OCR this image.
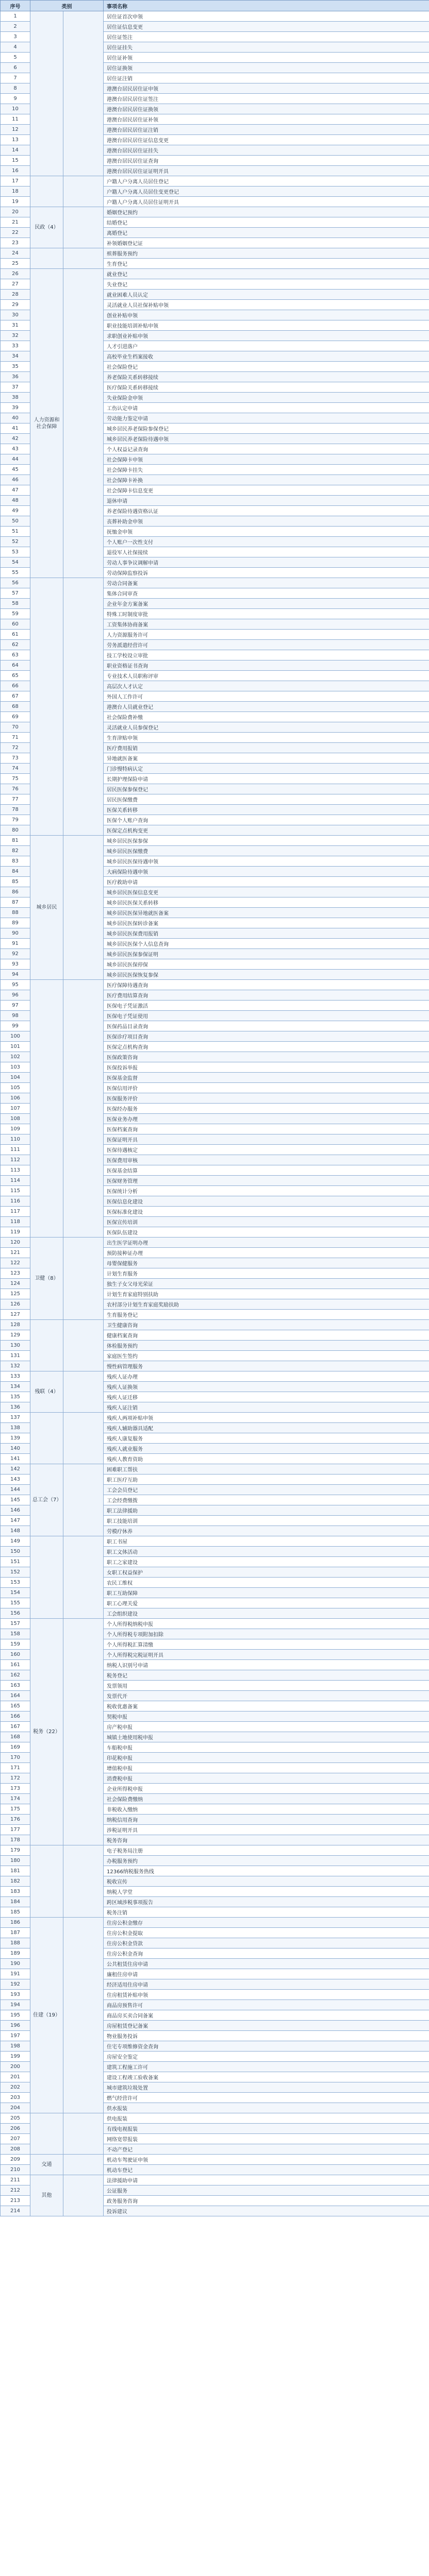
序号	类别		事项名称
1			居住证首次申领
2			居住证信息变更
3			居住证签注
4			居住证挂失
5			居住证补领
6			居住证换领
7			居住证注销
8			港澳台居民居住证申领
9			港澳台居民居住证签注
10			港澳台居民居住证换领
11			港澳台居民居住证补领
12			港澳台居民居住证注销
13			港澳台居民居住证信息变更
14			港澳台居民居住证挂失
15			港澳台居民居住证查询
16			港澳台居民居住证证明开具
17			户籍人户分离人员居住登记
18			户籍人户分离人员居住变更登记
19			户籍人户分离人员居住证明开具
20	民政（4）		婚姻登记预约
21			结婚登记
22			离婚登记
23			补领婚姻登记证
24			殡葬服务预约
25			生育登记
26	人力资源和社会保障		就业登记
27			失业登记
28			就业困难人员认定
29			灵活就业人员社保补贴申领
30			创业补贴申领
31			职业技能培训补贴申领
32			求职创业补贴申领
33			人才引进落户
34			高校毕业生档案接收
35			社会保险登记
36			养老保险关系转移接续
37			医疗保险关系转移接续
38			失业保险金申领
39			工伤认定申请
40			劳动能力鉴定申请
41			城乡居民养老保险参保登记
42			城乡居民养老保险待遇申领
43			个人权益记录查询
44			社会保障卡申领
45			社会保障卡挂失
46			社会保障卡补换
47			社会保障卡信息变更
48			退休申请
49			养老保险待遇资格认证
50			丧葬补助金申领
51			抚恤金申领
52			个人账户一次性支付
53			退役军人社保接续
54			劳动人事争议调解申请
55			劳动保障监察投诉
56			劳动合同备案
57			集体合同审查
58			企业年金方案备案
59			特殊工时制度审批
60			工资集体协商备案
61			人力资源服务许可
62			劳务派遣经营许可
63			技工学校设立审批
64			职业资格证书查询
65			专业技术人员职称评审
66			高层次人才认定
67			外国人工作许可
68			港澳台人员就业登记
69			社会保险费补缴
70			灵活就业人员参保登记
71			生育津贴申领
72			医疗费用报销
73			异地就医备案
74			门诊慢特病认定
75			长期护理保险申请
76			居民医保参保登记
77			居民医保缴费
78			医保关系转移
79			医保个人账户查询
80			医保定点机构变更
81	城乡居民		城乡居民医保参保
82			城乡居民医保缴费
83			城乡居民医保待遇申领
84			大病保险待遇申领
85			医疗救助申请
86			城乡居民医保信息变更
87			城乡居民医保关系转移
88			城乡居民医保异地就医备案
89			城乡居民医保转诊备案
90			城乡居民医保费用报销
91			城乡居民医保个人信息查询
92			城乡居民医保参保证明
93			城乡居民医保停保
94			城乡居民医保恢复参保
95			医疗保障待遇查询
96			医疗费用结算查询
97			医保电子凭证激活
98			医保电子凭证使用
99			医保药品目录查询
100			医保诊疗项目查询
101			医保定点机构查询
102			医保政策咨询
103			医保投诉举报
104			医保基金监督
105			医保信用评价
106			医保服务评价
107			医保经办服务
108			医保业务办理
109			医保档案查询
110			医保证明开具
111			医保待遇核定
112			医保费用审核
113			医保基金结算
114			医保财务管理
115			医保统计分析
116			医保信息化建设
117			医保标准化建设
118			医保宣传培训
119			医保队伍建设
120	卫健（8）		出生医学证明办理
121			预防接种证办理
122			母婴保健服务
123			计划生育服务
124			独生子女父母光荣证
125			计划生育家庭特别扶助
126			农村部分计划生育家庭奖励扶助
127			生育服务登记
128			卫生健康咨询
129			健康档案查询
130			体检服务预约
131			家庭医生签约
132			慢性病管理服务
133	残联（4）		残疾人证办理
134			残疾人证换领
135			残疾人证迁移
136			残疾人证注销
137			残疾人两项补贴申领
138			残疾人辅助器具适配
139			残疾人康复服务
140			残疾人就业服务
141			残疾人教育资助
142	总工会（7）		困难职工帮扶
143			职工医疗互助
144			工会会员登记
145			工会经费缴拨
146			职工法律援助
147			职工技能培训
148			劳模疗休养
149			职工书屋
150			职工文体活动
151			职工之家建设
152			女职工权益保护
153			农民工维权
154			职工互助保障
155			职工心理关爱
156			工会组织建设
157	税务（22）		个人所得税纳税申报
158			个人所得税专项附加扣除
159			个人所得税汇算清缴
160			个人所得税完税证明开具
161			纳税人识别号申请
162			税务登记
163			发票领用
164			发票代开
165			税收优惠备案
166			契税申报
167			房产税申报
168			城镇土地使用税申报
169			车船税申报
170			印花税申报
171			增值税申报
172			消费税申报
173			企业所得税申报
174			社会保险费缴纳
175			非税收入缴纳
176			纳税信用查询
177			涉税证明开具
178			税务咨询
179			电子税务局注册
180			办税服务预约
181			12366纳税服务热线
182			税收宣传
183			纳税人学堂
184			跨区域涉税事项报告
185			税务注销
186	住建（19）		住房公积金缴存
187			住房公积金提取
188			住房公积金贷款
189			住房公积金查询
190			公共租赁住房申请
191			廉租住房申请
192			经济适用住房申请
193			住房租赁补贴申领
194			商品房预售许可
195			商品房买卖合同备案
196			房屋租赁登记备案
197			物业服务投诉
198			住宅专项维修资金查询
199			房屋安全鉴定
200			建筑工程施工许可
201			建设工程竣工验收备案
202			城市建筑垃圾处置
203			燃气经营许可
204			供水报装
205			供电报装
206			有线电视报装
207			网络宽带报装
208			不动产登记
209	交通		机动车驾驶证申领
210			机动车登记
211	其他		法律援助申请
212			公证服务
213			政务服务咨询
214			投诉建议
